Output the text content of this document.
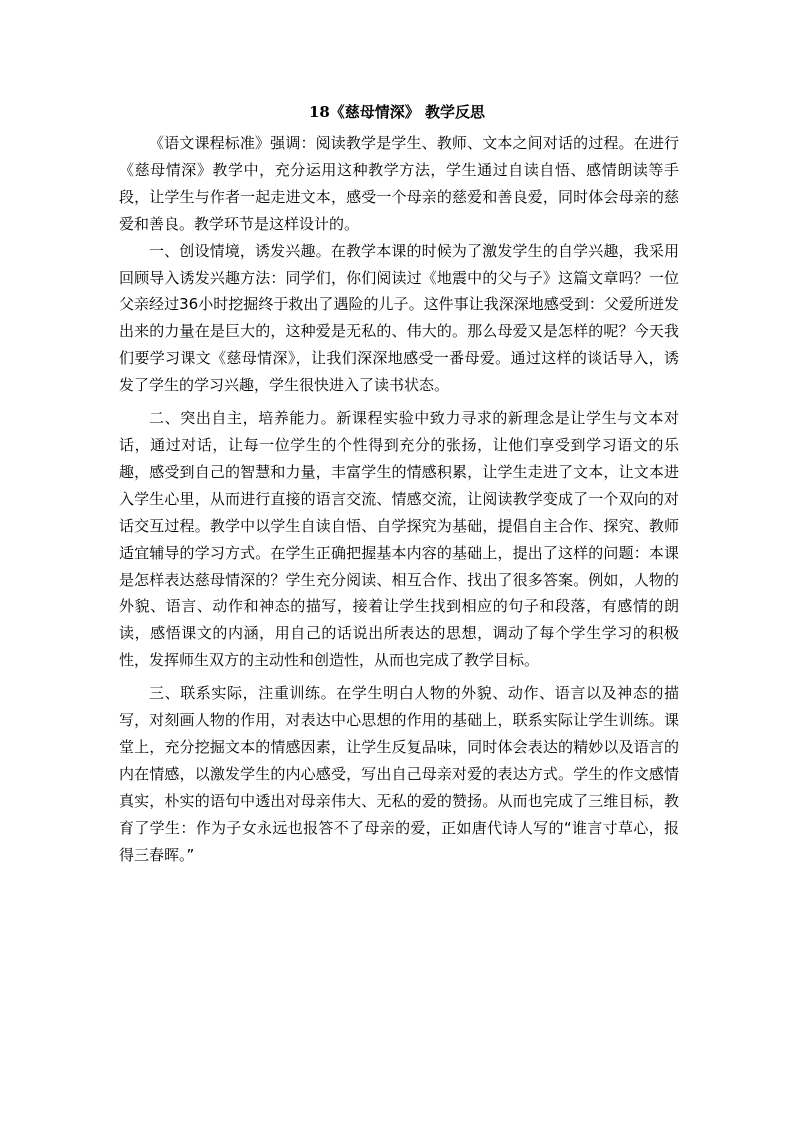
18《慈母情深》 教学反思

《语文课程标准》强调：阅读教学是学生、教师、文本之间对话的过程。在进行《慈母情深》教学中，充分运用这种教学方法，学生通过自读自悟、感情朗读等手段，让学生与作者一起走进文本，感受一个母亲的慈爱和善良爱，同时体会母亲的慈爱和善良。教学环节是这样设计的。

一、创设情境，诱发兴趣。在教学本课的时候为了激发学生的自学兴趣，我采用回顾导入诱发兴趣方法：同学们，你们阅读过《地震中的父与子》这篇文章吗？一位父亲经过36小时挖掘终于救出了遇险的儿子。这件事让我深深地感受到：父爱所迸发出来的力量在是巨大的，这种爱是无私的、伟大的。那么母爱又是怎样的呢？今天我们要学习课文《慈母情深》，让我们深深地感受一番母爱。通过这样的谈话导入，诱发了学生的学习兴趣，学生很快进入了读书状态。

二、突出自主，培养能力。新课程实验中致力寻求的新理念是让学生与文本对话，通过对话，让每一位学生的个性得到充分的张扬，让他们享受到学习语文的乐趣，感受到自己的智慧和力量，丰富学生的情感积累，让学生走进了文本，让文本进入学生心里，从而进行直接的语言交流、情感交流，让阅读教学变成了一个双向的对话交互过程。教学中以学生自读自悟、自学探究为基础，提倡自主合作、探究、教师适宜辅导的学习方式。在学生正确把握基本内容的基础上，提出了这样的问题：本课是怎样表达慈母情深的？学生充分阅读、相互合作、找出了很多答案。例如，人物的外貌、语言、动作和神态的描写，接着让学生找到相应的句子和段落，有感情的朗读，感悟课文的内涵，用自己的话说出所表达的思想，调动了每个学生学习的积极性，发挥师生双方的主动性和创造性，从而也完成了教学目标。

三、联系实际，注重训练。在学生明白人物的外貌、动作、语言以及神态的描写，对刻画人物的作用，对表达中心思想的作用的基础上，联系实际让学生训练。课堂上，充分挖掘文本的情感因素，让学生反复品味，同时体会表达的精妙以及语言的内在情感，以激发学生的内心感受，写出自己母亲对爱的表达方式。学生的作文感情真实，朴实的语句中透出对母亲伟大、无私的爱的赞扬。从而也完成了三维目标，教育了学生：作为子女永远也报答不了母亲的爱，正如唐代诗人写的“谁言寸草心，报得三春晖。”
